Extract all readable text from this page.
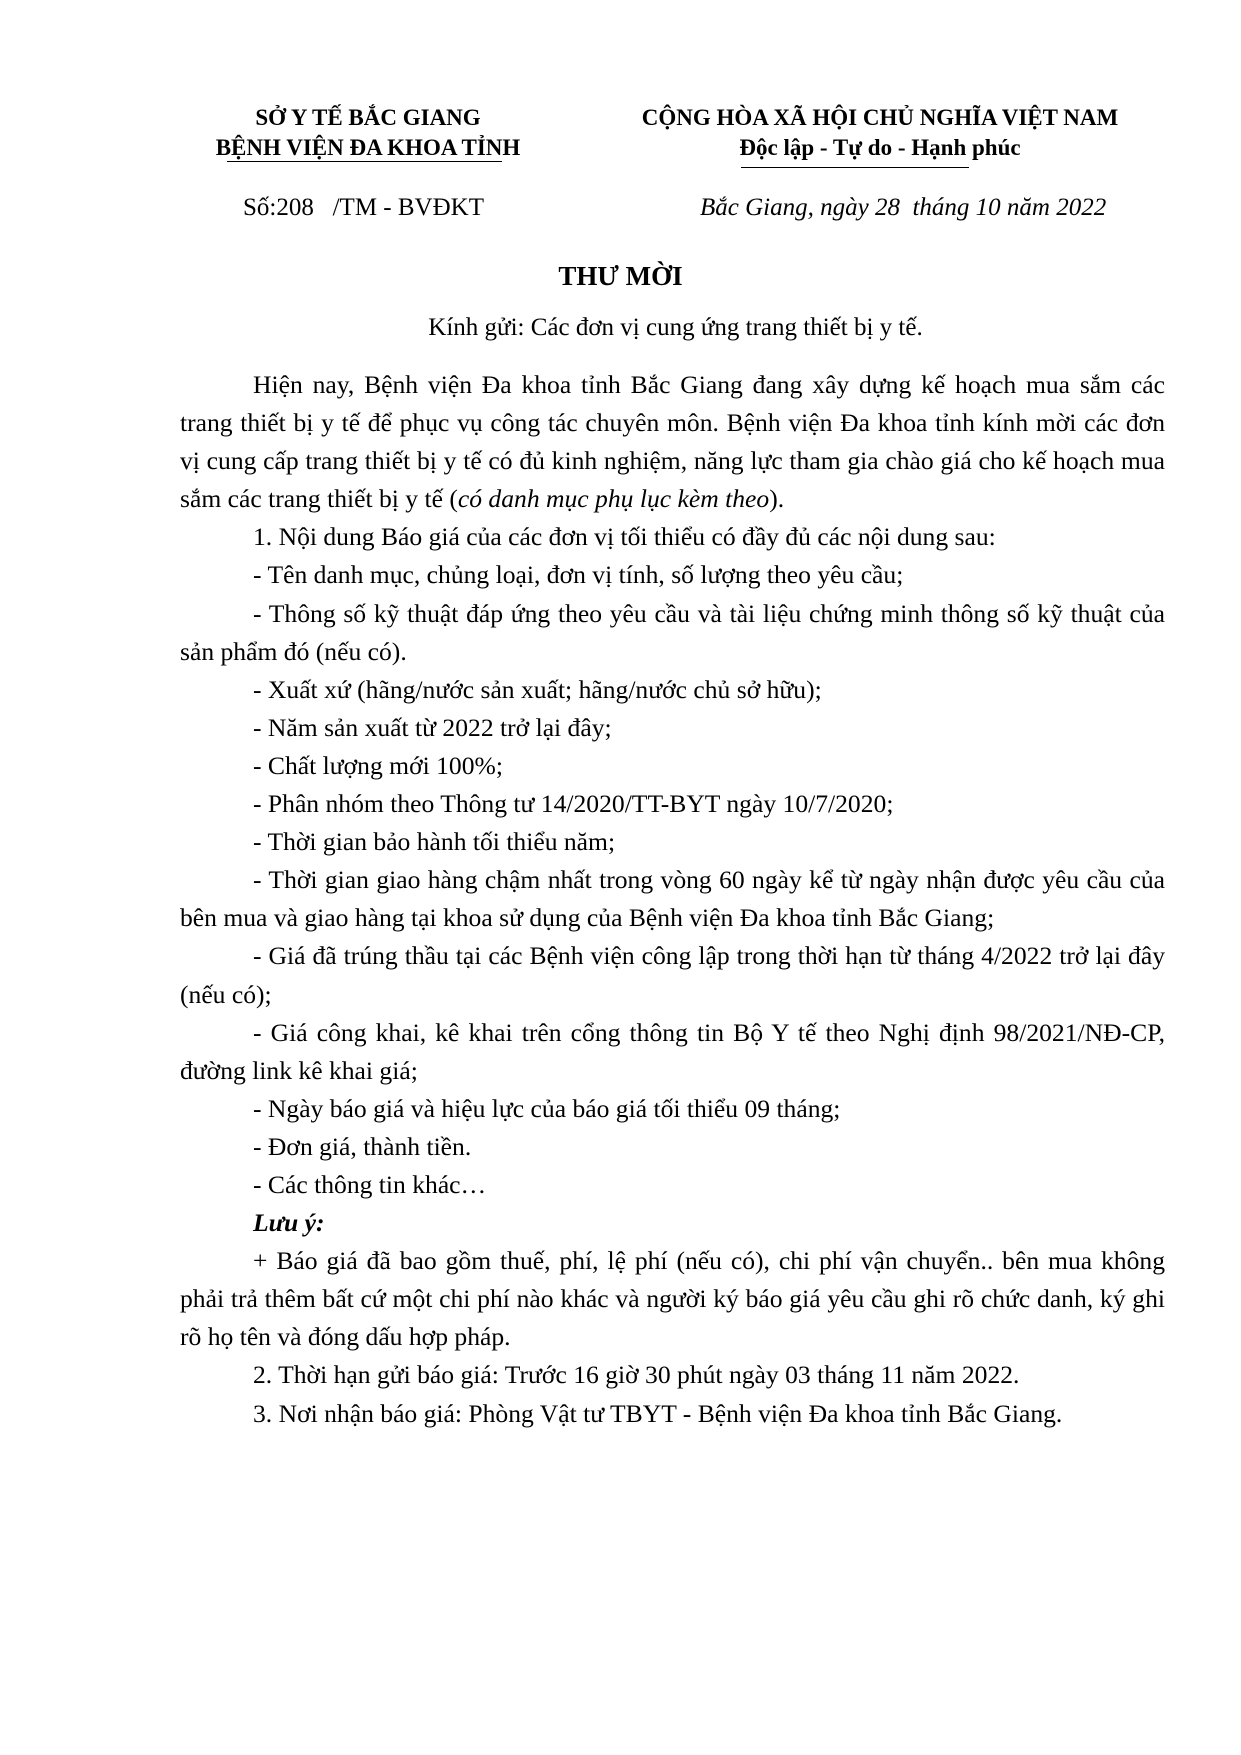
SỞ Y TẾ BẮC GIANG
BỆNH VIỆN ĐA KHOA TỈNH
CỘNG HÒA XÃ HỘI CHỦ NGHĨA VIỆT NAM
Độc lập - Tự do - Hạnh phúc
Số:208   /TM - BVĐKT	Bắc Giang, ngày 28  tháng 10 năm 2022
THƯ MỜI
Kính gửi: Các đơn vị cung ứng trang thiết bị y tế.

Hiện nay, Bệnh viện Đa khoa tỉnh Bắc Giang đang xây dựng kế hoạch mua sắm các trang thiết bị y tế để phục vụ công tác chuyên môn. Bệnh viện Đa khoa tỉnh kính mời các đơn vị cung cấp trang thiết bị y tế có đủ kinh nghiệm, năng lực tham gia chào giá cho kế hoạch mua sắm các trang thiết bị y tế (có danh mục phụ lục kèm theo).

1. Nội dung Báo giá của các đơn vị tối thiểu có đầy đủ các nội dung sau:

- Tên danh mục, chủng loại, đơn vị tính, số lượng theo yêu cầu;

- Thông số kỹ thuật đáp ứng theo yêu cầu và tài liệu chứng minh thông số kỹ thuật của sản phẩm đó (nếu có).

- Xuất xứ (hãng/nước sản xuất; hãng/nước chủ sở hữu);

- Năm sản xuất từ 2022 trở lại đây;

- Chất lượng mới 100%;

- Phân nhóm theo Thông tư 14/2020/TT-BYT ngày 10/7/2020;

- Thời gian bảo hành tối thiểu năm;

- Thời gian giao hàng chậm nhất trong vòng 60 ngày kể từ ngày nhận được yêu cầu của bên mua và giao hàng tại khoa sử dụng của Bệnh viện Đa khoa tỉnh Bắc Giang;

- Giá đã trúng thầu tại các Bệnh viện công lập trong thời hạn từ tháng 4/2022 trở lại đây (nếu có);

- Giá công khai, kê khai trên cổng thông tin Bộ Y tế theo Nghị định 98/2021/NĐ-CP, đường link kê khai giá;

- Ngày báo giá và hiệu lực của báo giá tối thiểu 09 tháng;

- Đơn giá, thành tiền.

- Các thông tin khác…

Lưu ý:

+ Báo giá đã bao gồm thuế, phí, lệ phí (nếu có), chi phí vận chuyển.. bên mua không phải trả thêm bất cứ một chi phí nào khác và người ký báo giá yêu cầu ghi rõ chức danh, ký ghi rõ họ tên và đóng dấu hợp pháp.

2. Thời hạn gửi báo giá: Trước 16 giờ 30 phút ngày 03 tháng 11 năm 2022.

3. Nơi nhận báo giá: Phòng Vật tư TBYT - Bệnh viện Đa khoa tỉnh Bắc Giang.
